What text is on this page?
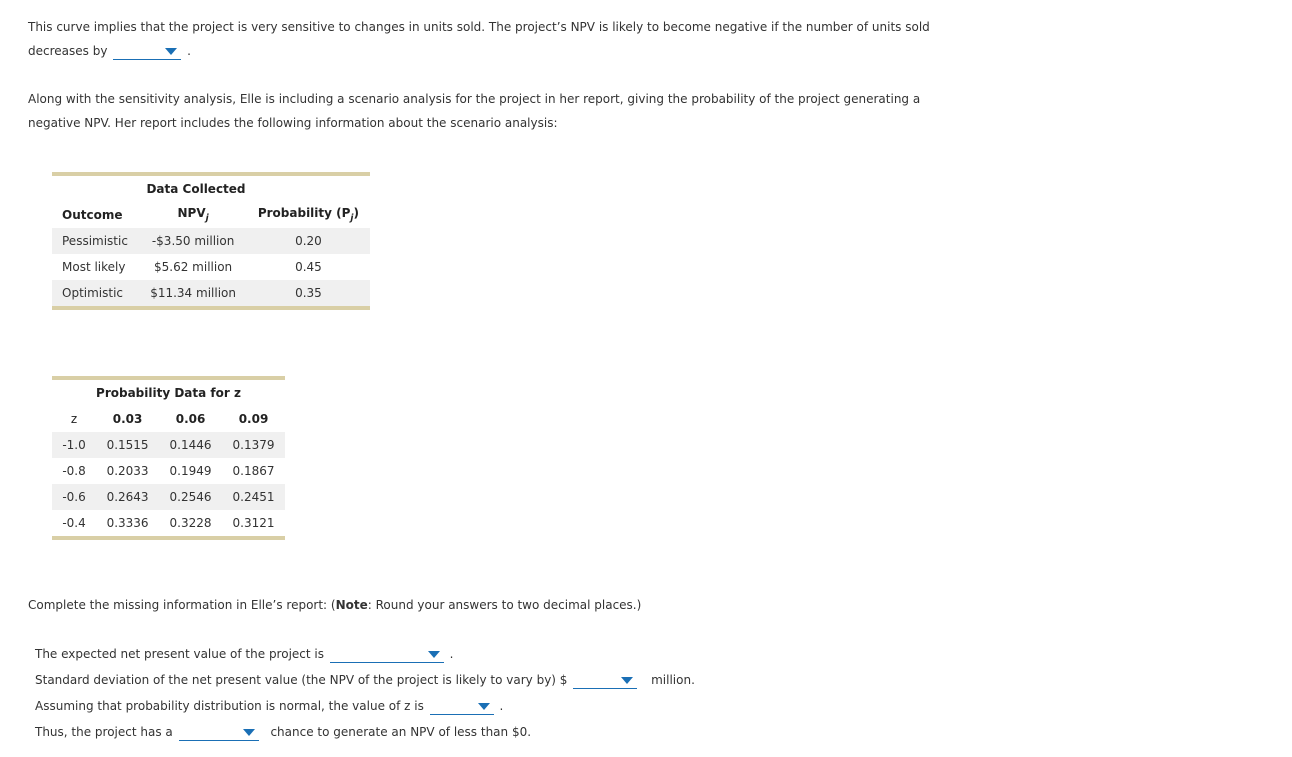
This curve implies that the project is very sensitive to changes in units sold. The project’s NPV is likely to become negative if the number of units sold
decreases by	.
Along with the sensitivity analysis, Elle is including a scenario analysis for the project in her report, giving the probability of the project generating a
negative NPV. Her report includes the following information about the scenario analysis:
Data Collected		
Outcome	$NPV_j$	Probability $(P_j)$
Pessimistic	-$3.50 million	0.20
Most likely	$5.62 million	0.45
Optimistic	$11.34 million	0.35
Probability Data for z			
z	0.03	0.06	0.09
-1.0	0.1515	0.1446	0.1379
-0.8	0.2033	0.1949	0.1867
-0.6	0.2643	0.2546	0.2451
-0.4	0.3336	0.3228	0.3121
Complete the missing information in Elle’s report: (Note: Round your answers to two decimal places.)
The expected net present value of the project is	.
Standard deviation of the net present value (the NPV of the project is likely to vary by) $	million.
Assuming that probability distribution is normal, the value of z is	.
Thus, the project has a	chance to generate an NPV of less than $0.
